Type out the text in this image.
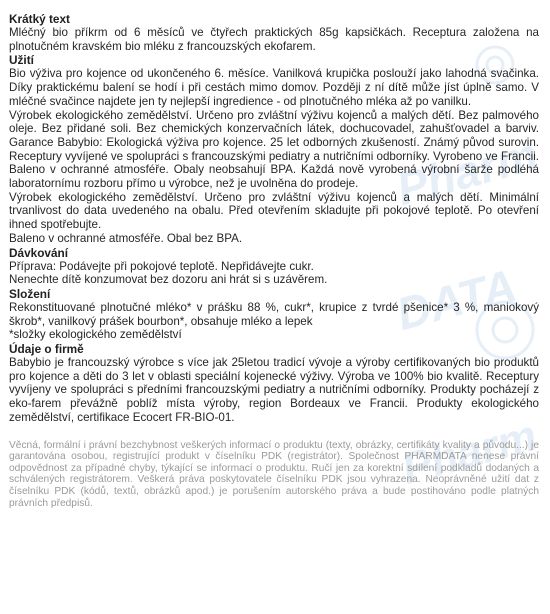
Pharm
DATA
Pharm
Krátký text

Mléčný bio příkrm od 6 měsíců ve čtyřech praktických 85g kapsičkách. Receptura založena na plnotučném kravském bio mléku z francouzských ekofarem.

Užití

Bio výživa pro kojence od ukončeného 6. měsíce. Vanilková krupička poslouží jako lahodná svačinka. Díky praktickému balení se hodí i při cestách mimo domov. Později z ní dítě může jíst úplně samo. V mléčné svačince najdete jen ty nejlepší ingredience - od plnotučného mléka až po vanilku.

Výrobek ekologického zemědělství. Určeno pro zvláštní výživu kojenců a malých dětí. Bez palmového oleje. Bez přidané soli. Bez chemických konzervačních látek, dochucovadel, zahušťovadel a barviv. Garance Babybio: Ekologická výživa pro kojence. 25 let odborných zkušeností. Známý původ surovin. Receptury vyvíjené ve spolupráci s francouzskými pediatry a nutričními odborníky. Vyrobeno ve Francii. Baleno v ochranné atmosféře. Obaly neobsahují BPA. Každá nově vyrobená výrobní šarže podléhá laboratornímu rozboru přímo u výrobce, než je uvolněna do prodeje.

Výrobek ekologického zemědělství. Určeno pro zvláštní výživu kojenců a malých dětí. Minimální trvanlivost do data uvedeného na obalu. Před otevřením skladujte při pokojové teplotě. Po otevření ihned spotřebujte.

Baleno v ochranné atmosféře. Obal bez BPA.

Dávkování

Příprava: Podávejte při pokojové teplotě. Nepřidávejte cukr.

Nenechte dítě konzumovat bez dozoru ani hrát si s uzávěrem.

Složení

Rekonstituované plnotučné mléko* v prášku 88 %, cukr*, krupice z tvrdé pšenice* 3 %, maniokový škrob*, vanilkový prášek bourbon*, obsahuje mléko a lepek

*složky ekologického zemědělství

Údaje o firmě

Babybio je francouzský výrobce s více jak 25letou tradicí vývoje a výroby certifikovaných bio produktů pro kojence a děti do 3 let v oblasti speciální kojenecké výživy. Výroba ve 100% bio kvalitě. Receptury vyvíjeny ve spolupráci s předními francouzskými pediatry a nutričními odborníky. Produkty pocházejí z eko-farem převážně poblíž místa výroby, region Bordeaux ve Francii. Produkty ekologického zemědělství, certifikace Ecocert FR-BIO-01.

Věcná, formální i právní bezchybnost veškerých informací o produktu (texty, obrázky, certifikáty kvality a původu...) je garantována osobou, registrující produkt v číselníku PDK (registrátor). Společnost PHARMDATA nenese právní odpovědnost za případné chyby, týkající se informací o produktu. Ručí jen za korektní sdílení podkladů dodaných a schválených registrátorem. Veškerá práva poskytovatele číselníku PDK jsou vyhrazena. Neoprávněné užití dat z číselníku PDK (kódů, textů, obrázků apod.) je porušením autorského práva a bude postihováno podle platných právních předpisů.
